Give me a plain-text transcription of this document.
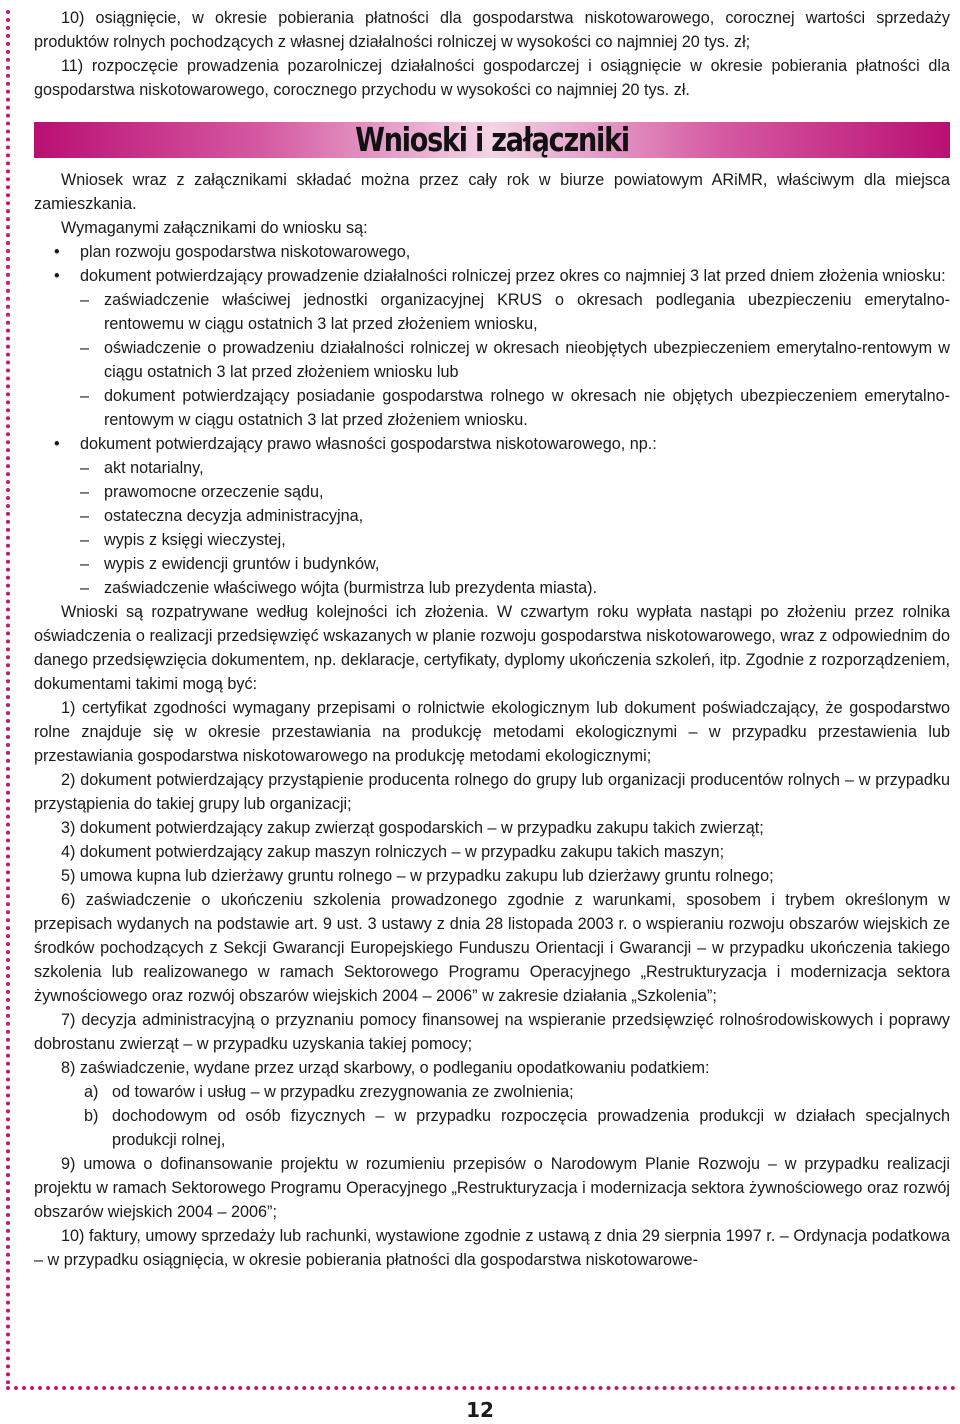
10) osiągnięcie, w okresie pobierania płatności dla gospodarstwa niskotowarowego, corocznej wartości sprzedaży produktów rolnych pochodzących z własnej działalności rolniczej w wysokości co najmniej 20 tys. zł;

11) rozpoczęcie prowadzenia pozarolniczej działalności gospodarczej i osiągnięcie w okresie pobierania płatności dla gospodarstwa niskotowarowego, corocznego przychodu w wysokości co najmniej 20 tys. zł.

Wnioski i załączniki

Wniosek wraz z załącznikami składać można przez cały rok w biurze powiatowym ARiMR, właściwym dla miejsca zamieszkania.

Wymaganymi załącznikami do wniosku są:

• plan rozwoju gospodarstwa niskotowarowego,
• dokument potwierdzający prowadzenie działalności rolniczej przez okres co najmniej 3 lat przed dniem złożenia wniosku:
– zaświadczenie właściwej jednostki organizacyjnej KRUS o okresach podlegania ubezpieczeniu emerytalno-rentowemu w ciągu ostatnich 3 lat przed złożeniem wniosku,
– oświadczenie o prowadzeniu działalności rolniczej w okresach nieobjętych ubezpieczeniem emerytalno-rentowym w ciągu ostatnich 3 lat przed złożeniem wniosku lub
– dokument potwierdzający posiadanie gospodarstwa rolnego w okresach nie objętych ubezpieczeniem emerytalno-rentowym w ciągu ostatnich 3 lat przed złożeniem wniosku.
• dokument potwierdzający prawo własności gospodarstwa niskotowarowego, np.:
– akt notarialny,
– prawomocne orzeczenie sądu,
– ostateczna decyzja administracyjna,
– wypis z księgi wieczystej,
– wypis z ewidencji gruntów i budynków,
– zaświadczenie właściwego wójta (burmistrza lub prezydenta miasta).

Wnioski są rozpatrywane według kolejności ich złożenia. W czwartym roku wypłata nastąpi po złożeniu przez rolnika oświadczenia o realizacji przedsięwzięć wskazanych w planie rozwoju gospodarstwa niskotowarowego, wraz z odpowiednim do danego przedsięwzięcia dokumentem, np. deklaracje, certyfikaty, dyplomy ukończenia szkoleń, itp. Zgodnie z rozporządzeniem, dokumentami takimi mogą być:

1) certyfikat zgodności wymagany przepisami o rolnictwie ekologicznym lub dokument poświadczający, że gospodarstwo rolne znajduje się w okresie przestawiania na produkcję metodami ekologicznymi – w przypadku przestawienia lub przestawiania gospodarstwa niskotowarowego na produkcję metodami ekologicznymi;

2) dokument potwierdzający przystąpienie producenta rolnego do grupy lub organizacji producentów rolnych – w przypadku przystąpienia do takiej grupy lub organizacji;

3) dokument potwierdzający zakup zwierząt gospodarskich – w przypadku zakupu takich zwierząt;

4) dokument potwierdzający zakup maszyn rolniczych – w przypadku zakupu takich maszyn;

5) umowa kupna lub dzierżawy gruntu rolnego – w przypadku zakupu lub dzierżawy gruntu rolnego;

6) zaświadczenie o ukończeniu szkolenia prowadzonego zgodnie z warunkami, sposobem i trybem określonym w przepisach wydanych na podstawie art. 9 ust. 3 ustawy z dnia 28 listopada 2003 r. o wspieraniu rozwoju obszarów wiejskich ze środków pochodzących z Sekcji Gwarancji Europejskiego Funduszu Orientacji i Gwarancji – w przypadku ukończenia takiego szkolenia lub realizowanego w ramach Sektorowego Programu Operacyjnego „Restrukturyzacja i modernizacja sektora żywnościowego oraz rozwój obszarów wiejskich 2004 – 2006” w zakresie działania „Szkolenia”;

7) decyzja administracyjną o przyznaniu pomocy finansowej na wspieranie przedsięwzięć rolnośrodowiskowych i poprawy dobrostanu zwierząt – w przypadku uzyskania takiej pomocy;

8) zaświadczenie, wydane przez urząd skarbowy, o podleganiu opodatkowaniu podatkiem:

a) od towarów i usług – w przypadku zrezygnowania ze zwolnienia;
b) dochodowym od osób fizycznych – w przypadku rozpoczęcia prowadzenia produkcji w działach specjalnych produkcji rolnej,

9) umowa o dofinansowanie projektu w rozumieniu przepisów o Narodowym Planie Rozwoju – w przypadku realizacji projektu w ramach Sektorowego Programu Operacyjnego „Restrukturyzacja i modernizacja sektora żywnościowego oraz rozwój obszarów wiejskich 2004 – 2006”;

10) faktury, umowy sprzedaży lub rachunki, wystawione zgodnie z ustawą z dnia 29 sierpnia 1997 r. – Ordynacja podatkowa – w przypadku osiągnięcia, w okresie pobierania płatności dla gospodarstwa niskotowarowe-

12
